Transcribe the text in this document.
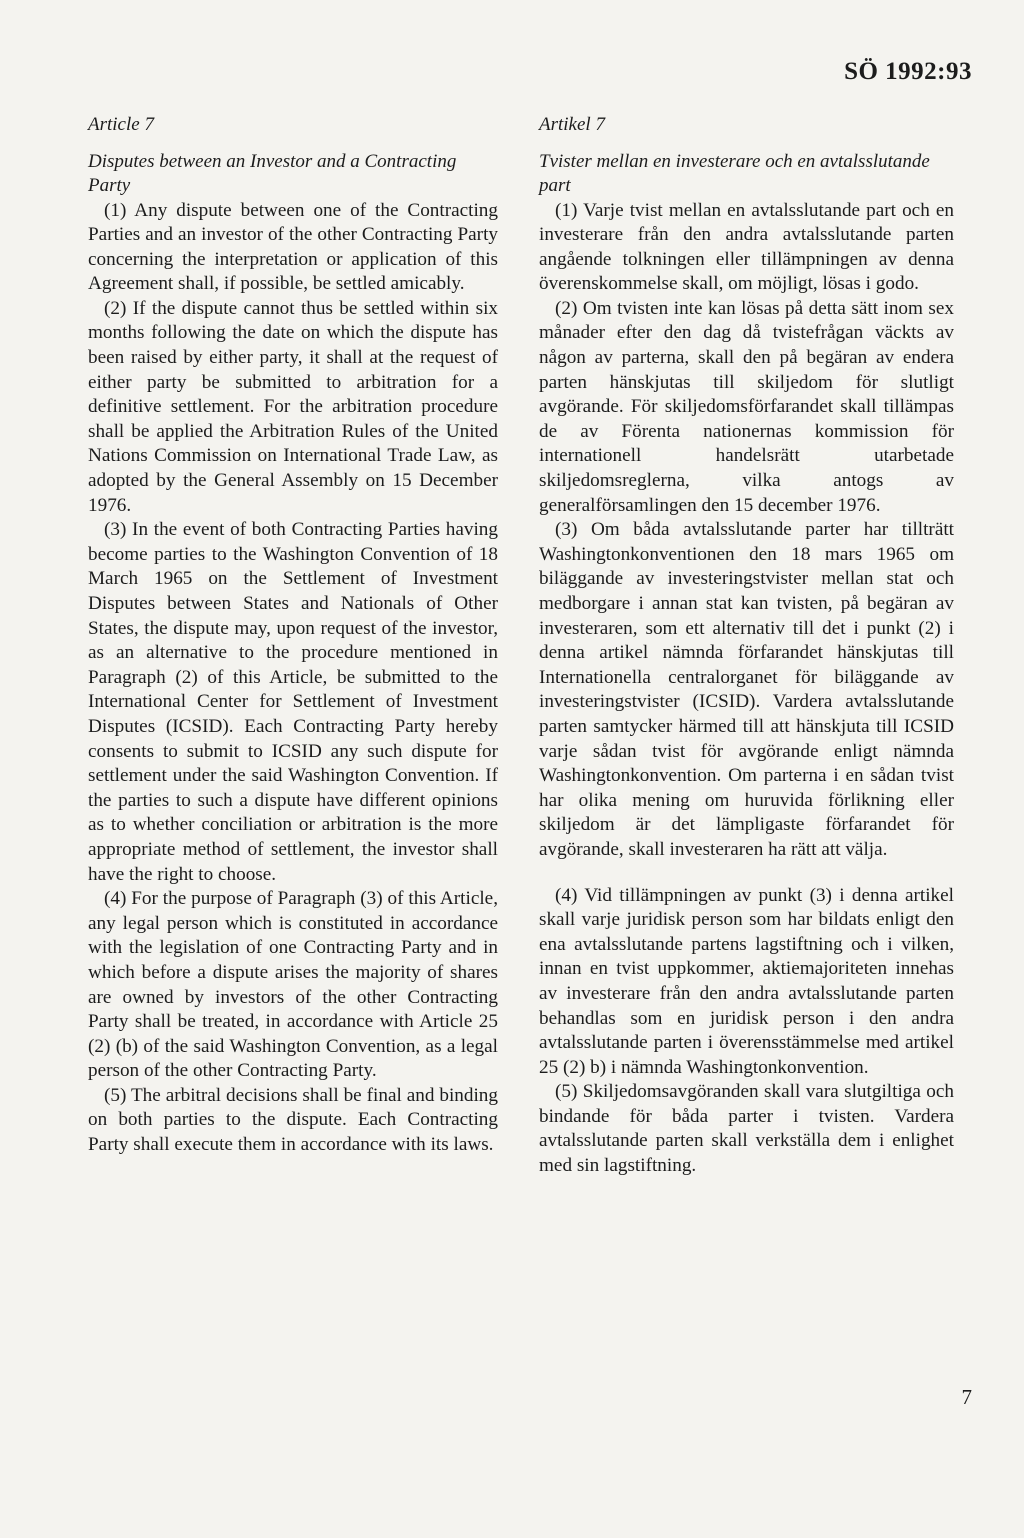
SÖ 1992:93

Article 7

Disputes between an Investor and a Contracting Party

(1) Any dispute between one of the Contracting Parties and an investor of the other Contracting Party concerning the interpretation or application of this Agreement shall, if possible, be settled amicably.

(2) If the dispute cannot thus be settled within six months following the date on which the dispute has been raised by either party, it shall at the request of either party be submitted to arbitration for a definitive settlement. For the arbitration procedure shall be applied the Arbitration Rules of the United Nations Commission on International Trade Law, as adopted by the General Assembly on 15 December 1976.

(3) In the event of both Contracting Parties having become parties to the Washington Convention of 18 March 1965 on the Settlement of Investment Disputes between States and Nationals of Other States, the dispute may, upon request of the investor, as an alternative to the procedure mentioned in Paragraph (2) of this Article, be submitted to the International Center for Settlement of Investment Disputes (ICSID). Each Contracting Party hereby consents to submit to ICSID any such dispute for settlement under the said Washington Convention. If the parties to such a dispute have different opinions as to whether conciliation or arbitration is the more appropriate method of settlement, the investor shall have the right to choose.

(4) For the purpose of Paragraph (3) of this Article, any legal person which is constituted in accordance with the legislation of one Contracting Party and in which before a dispute arises the majority of shares are owned by investors of the other Contracting Party shall be treated, in accordance with Article 25 (2) (b) of the said Washington Convention, as a legal person of the other Contracting Party.

(5) The arbitral decisions shall be final and binding on both parties to the dispute. Each Contracting Party shall execute them in accordance with its laws.

Artikel 7

Tvister mellan en investerare och en avtalsslutande part

(1) Varje tvist mellan en avtalsslutande part och en investerare från den andra avtalsslutande parten angående tolkningen eller tillämpningen av denna överenskommelse skall, om möjligt, lösas i godo.

(2) Om tvisten inte kan lösas på detta sätt inom sex månader efter den dag då tvistefrågan väckts av någon av parterna, skall den på begäran av endera parten hänskjutas till skiljedom för slutligt avgörande. För skiljedomsförfarandet skall tillämpas de av Förenta nationernas kommission för internationell handelsrätt utarbetade skiljedomsreglerna, vilka antogs av generalförsamlingen den 15 december 1976.

(3) Om båda avtalsslutande parter har tillträtt Washingtonkonventionen den 18 mars 1965 om biläggande av investeringstvister mellan stat och medborgare i annan stat kan tvisten, på begäran av investeraren, som ett alternativ till det i punkt (2) i denna artikel nämnda förfarandet hänskjutas till Internationella centralorganet för biläggande av investeringstvister (ICSID). Vardera avtalsslutande parten samtycker härmed till att hänskjuta till ICSID varje sådan tvist för avgörande enligt nämnda Washingtonkonvention. Om parterna i en sådan tvist har olika mening om huruvida förlikning eller skiljedom är det lämpligaste förfarandet för avgörande, skall investeraren ha rätt att välja.

(4) Vid tillämpningen av punkt (3) i denna artikel skall varje juridisk person som har bildats enligt den ena avtalsslutande partens lagstiftning och i vilken, innan en tvist uppkommer, aktiemajoriteten innehas av investerare från den andra avtalsslutande parten behandlas som en juridisk person i den andra avtalsslutande parten i överensstämmelse med artikel 25 (2) b) i nämnda Washingtonkonvention.

(5) Skiljedomsavgöranden skall vara slutgiltiga och bindande för båda parter i tvisten. Vardera avtalsslutande parten skall verkställa dem i enlighet med sin lagstiftning.

7
